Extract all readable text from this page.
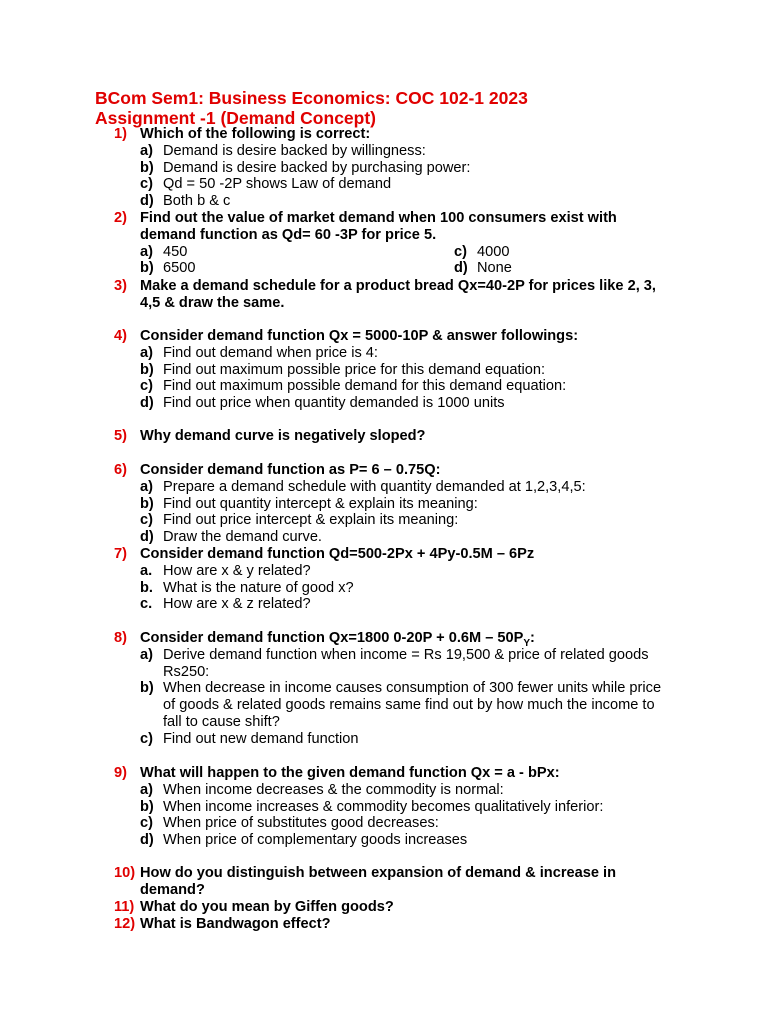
BCom Sem1: Business Economics: COC 102-1 2023
Assignment -1 (Demand Concept)
1) Which of the following is correct:
a) Demand is desire backed by willingness:
b) Demand is desire backed by purchasing power:
c) Qd = 50 -2P shows Law of demand
d) Both b & c
2) Find out the value of market demand when 100 consumers exist with demand function as Qd= 60 -3P for price 5.
a) 450	c) 4000
b) 6500	d) None
3) Make a demand schedule for a product bread Qx=40-2P for prices like 2, 3, 4,5 & draw the same.
4) Consider demand function Qx = 5000-10P & answer followings:
a) Find out demand when price is 4:
b) Find out maximum possible price for this demand equation:
c) Find out maximum possible demand for this demand equation:
d) Find out price when quantity demanded is 1000 units
5) Why demand curve is negatively sloped?
6) Consider demand function as P= 6 – 0.75Q:
a) Prepare a demand schedule with quantity demanded at 1,2,3,4,5:
b) Find out quantity intercept & explain its meaning:
c) Find out price intercept & explain its meaning:
d) Draw the demand curve.
7) Consider demand function Qd=500-2Px + 4Py-0.5M – 6Pz
a. How are x & y related?
b. What is the nature of good x?
c. How are x & z related?
8) Consider demand function Qx=1800 $0-20P + 0.6M - 50P_Y$:
a) Derive demand function when income = Rs 19,500 & price of related goods Rs250:
b) When decrease in income causes consumption of 300 fewer units while price of goods & related goods remains same find out by how much the income to fall to cause shift?
c) Find out new demand function
9) What will happen to the given demand function Qx = a - bPx:
a) When income decreases & the commodity is normal:
b) When income increases & commodity becomes qualitatively inferior:
c) When price of substitutes good decreases:
d) When price of complementary goods increases
10) How do you distinguish between expansion of demand & increase in demand?
11) What do you mean by Giffen goods?
12) What is Bandwagon effect?
